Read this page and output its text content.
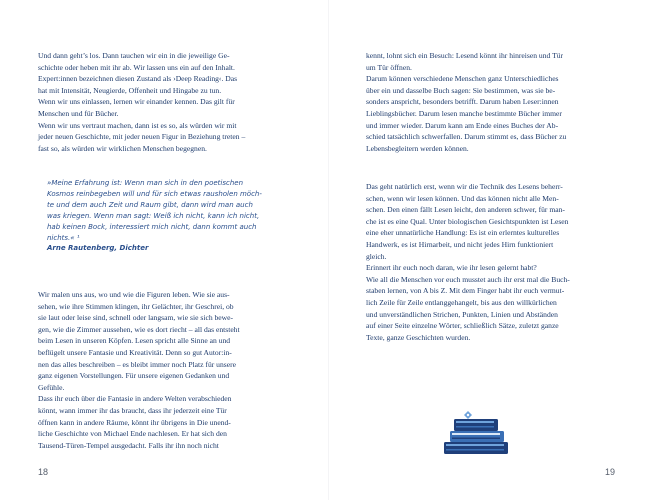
Und dann geht’s los. Dann tauchen wir ein in die jeweilige Ge-

schichte oder heben mit ihr ab. Wir lassen uns ein auf den Inhalt.

Expert:innen bezeichnen diesen Zustand als ›Deep Reading‹. Das

hat mit Intensität, Neugierde, Offenheit und Hingabe zu tun.

Wenn wir uns einlassen, lernen wir einander kennen. Das gilt für

Menschen und für Bücher.

Wenn wir uns vertraut machen, dann ist es so, als würden wir mit

jeder neuen Geschichte, mit jeder neuen Figur in Beziehung treten –

fast so, als würden wir wirklichen Menschen begegnen.

»Meine Erfahrung ist: Wenn man sich in den poetischen

Kosmos reinbegeben will und für sich etwas rausholen möch-

te und dem auch Zeit und Raum gibt, dann wird man auch

was kriegen. Wenn man sagt: Weiß ich nicht, kann ich nicht,

hab keinen Bock, interessiert mich nicht, dann kommt auch

nichts.« ¹

Arne Rautenberg, Dichter

Wir malen uns aus, wo und wie die Figuren leben. Wie sie aus-

sehen, wie ihre Stimmen klingen, ihr Gelächter, ihr Geschrei, ob

sie laut oder leise sind, schnell oder langsam, wie sie sich bewe-

gen, wie die Zimmer aussehen, wie es dort riecht – all das entsteht

beim Lesen in unseren Köpfen. Lesen spricht alle Sinne an und

beflügelt unsere Fantasie und Kreativität. Denn so gut Autor:in-

nen das alles beschreiben – es bleibt immer noch Platz für unsere

ganz eigenen Vorstellungen. Für unsere eigenen Gedanken und

Gefühle.

Dass ihr euch über die Fantasie in andere Welten verabschieden

könnt, wann immer ihr das braucht, dass ihr jederzeit eine Tür

öffnen kann in andere Räume, könnt ihr übrigens in Die unend-

liche Geschichte von Michael Ende nachlesen. Er hat sich den

Tausend-Türen-Tempel ausgedacht. Falls ihr ihn noch nicht

18

kennt, lohnt sich ein Besuch: Lesend könnt ihr hinreisen und Tür

um Tür öffnen.

Darum können verschiedene Menschen ganz Unterschiedliches

über ein und dasselbe Buch sagen: Sie bestimmen, was sie be-

sonders anspricht, besonders betrifft. Darum haben Leser:innen

Lieblingsbücher. Darum lesen manche bestimmte Bücher immer

und immer wieder. Darum kann am Ende eines Buches der Ab-

schied tatsächlich schwerfallen. Darum stimmt es, dass Bücher zu

Lebensbegleitern werden können.

Das geht natürlich erst, wenn wir die Technik des Lesens beherr-

schen, wenn wir lesen können. Und das können nicht alle Men-

schen. Den einen fällt Lesen leicht, den anderen schwer, für man-

che ist es eine Qual. Unter biologischen Gesichtspunkten ist Lesen

eine eher unnatürliche Handlung: Es ist ein erlerntes kulturelles

Handwerk, es ist Hirnarbeit, und nicht jedes Hirn funktioniert

gleich.

Erinnert ihr euch noch daran, wie ihr lesen gelernt habt?

Wie all die Menschen vor euch musstet auch ihr erst mal die Buch-

staben lernen, von A bis Z. Mit dem Finger habt ihr euch vermut-

lich Zeile für Zeile entlanggehangelt, bis aus den willkürlichen

und unverständlichen Strichen, Punkten, Linien und Abständen

auf einer Seite einzelne Wörter, schließlich Sätze, zuletzt ganze

Texte, ganze Geschichten wurden.

19
